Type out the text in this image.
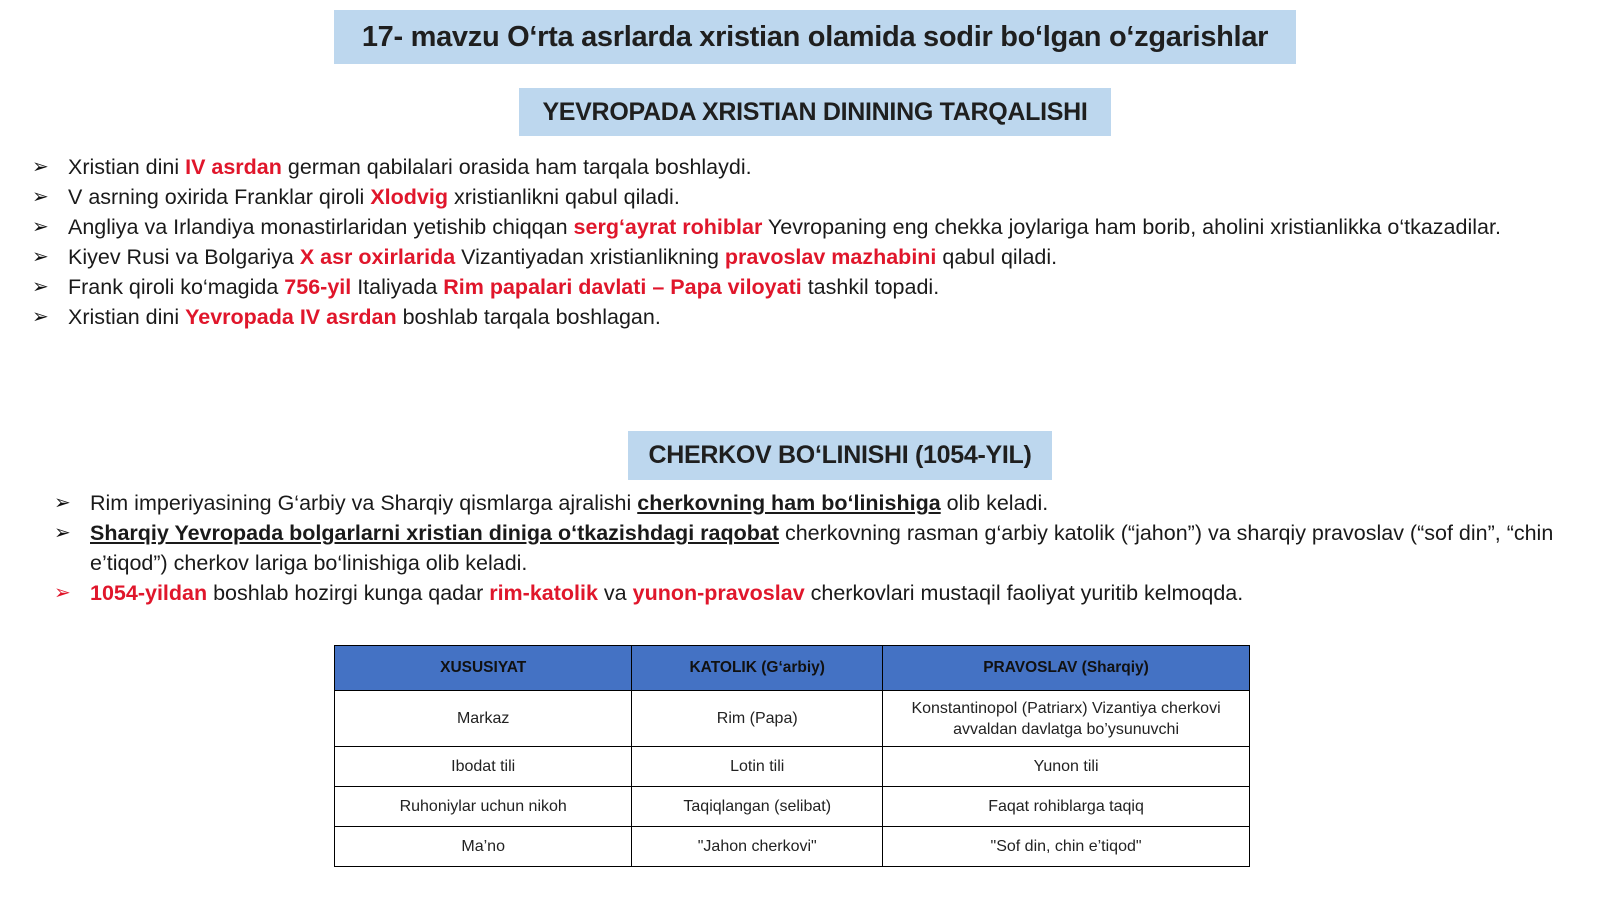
17- mavzu O‘rta asrlarda xristian olamida sodir bo‘lgan o‘zgarishlar
YEVROPADA XRISTIAN DININING TARQALISHI
➢ Xristian dini IV asrdan german qabilalari orasida ham tarqala boshlaydi.
➢ V asrning oxirida Franklar qiroli Xlodvig xristianlikni qabul qiladi.
➢ Angliya va Irlandiya monastirlaridan yetishib chiqqan serg‘ayrat rohiblar Yevropaning eng chekka joylariga ham borib, aholini xristianlikka o‘tkazadilar.
➢ Kiyev Rusi va Bolgariya X asr oxirlarida Vizantiyadan xristianlikning pravoslav mazhabini qabul qiladi.
➢ Frank qiroli ko‘magida 756-yil Italiyada Rim papalari davlati – Papa viloyati tashkil topadi.
➢ Xristian dini Yevropada IV asrdan boshlab tarqala boshlagan.
CHERKOV BO‘LINISHI (1054-YIL)
➢ Rim imperiyasining G‘arbiy va Sharqiy qismlarga ajralishi cherkovning ham bo‘linishiga olib keladi.
➢ Sharqiy Yevropada bolgarlarni xristian diniga o‘tkazishdagi raqobat cherkovning rasman g‘arbiy katolik (“jahon”) va sharqiy pravoslav (“sof din”, “chin e’tiqod”) cherkov lariga bo‘linishiga olib keladi.
➢ 1054-yildan boshlab hozirgi kunga qadar rim-katolik va yunon-pravoslav cherkovlari mustaqil faoliyat yuritib kelmoqda.
XUSUSIYAT	KATOLIK (G‘arbiy)	PRAVOSLAV (Sharqiy)
Markaz	Rim (Papa)	Konstantinopol (Patriarx) Vizantiya cherkovi avvaldan davlatga bo’ysunuvchi
Ibodat tili	Lotin tili	Yunon tili
Ruhoniylar uchun nikoh	Taqiqlangan (selibat)	Faqat rohiblarga taqiq
Ma’no	"Jahon cherkovi"	"Sof din, chin e’tiqod"
